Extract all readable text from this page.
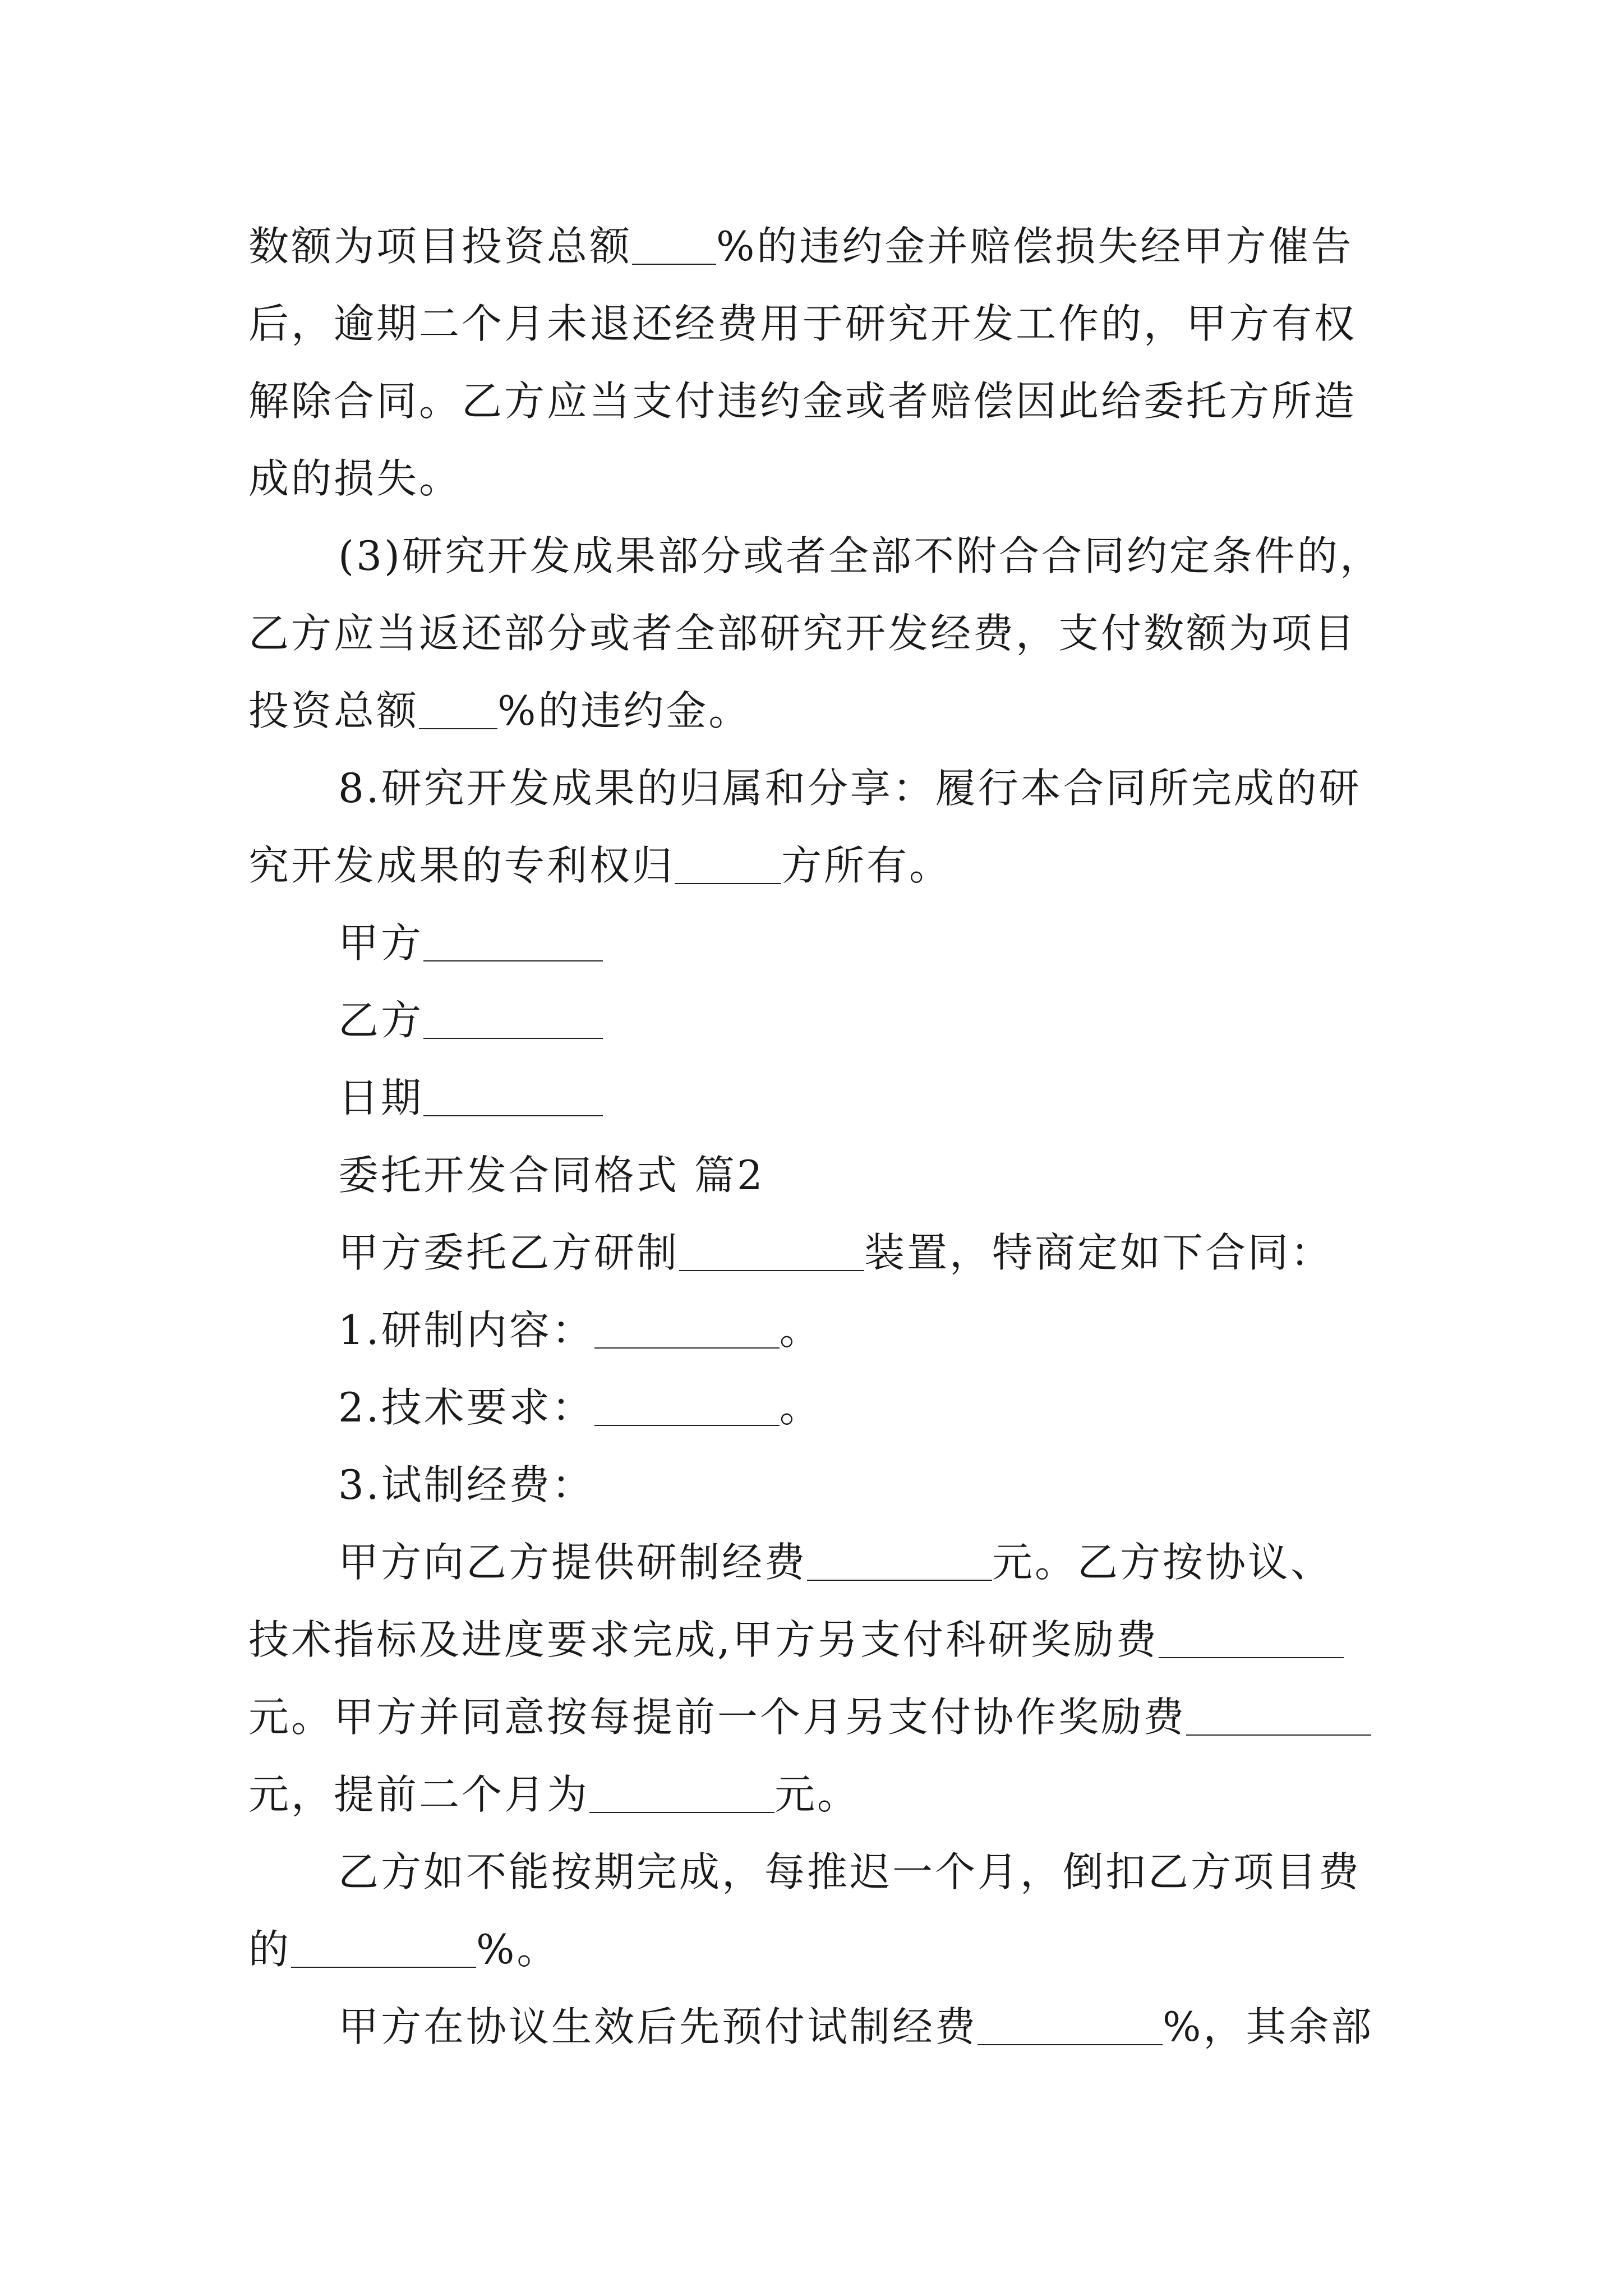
数额为项目投资总额 %的违约金并赔偿损失经甲方催告
后，逾期二个月未退还经费用于研究开发工作的，甲方有权
解除合同。乙方应当支付违约金或者赔偿因此给委托方所造
成的损失。
(3)研究开发成果部分或者全部不附合合同约定条件的，
乙方应当返还部分或者全部研究开发经费，支付数额为项目
投资总额 %的违约金。
8.研究开发成果的归属和分享：履行本合同所完成的研
究开发成果的专利权归	方所有。
甲方
乙方
日期
委托开发合同格式 篇2
甲方委托乙方研制	装置，特商定如下合同：
1.研制内容：	。
2.技术要求：	。
3.试制经费：
甲方向乙方提供研制经费	元。乙方按协议、
技术指标及进度要求完成,甲方另支付科研奖励费
元。甲方并同意按每提前一个月另支付协作奖励费
元，提前二个月为	元。
乙方如不能按期完成，每推迟一个月，倒扣乙方项目费
的	%。
甲方在协议生效后先预付试制经费	%，其余部
